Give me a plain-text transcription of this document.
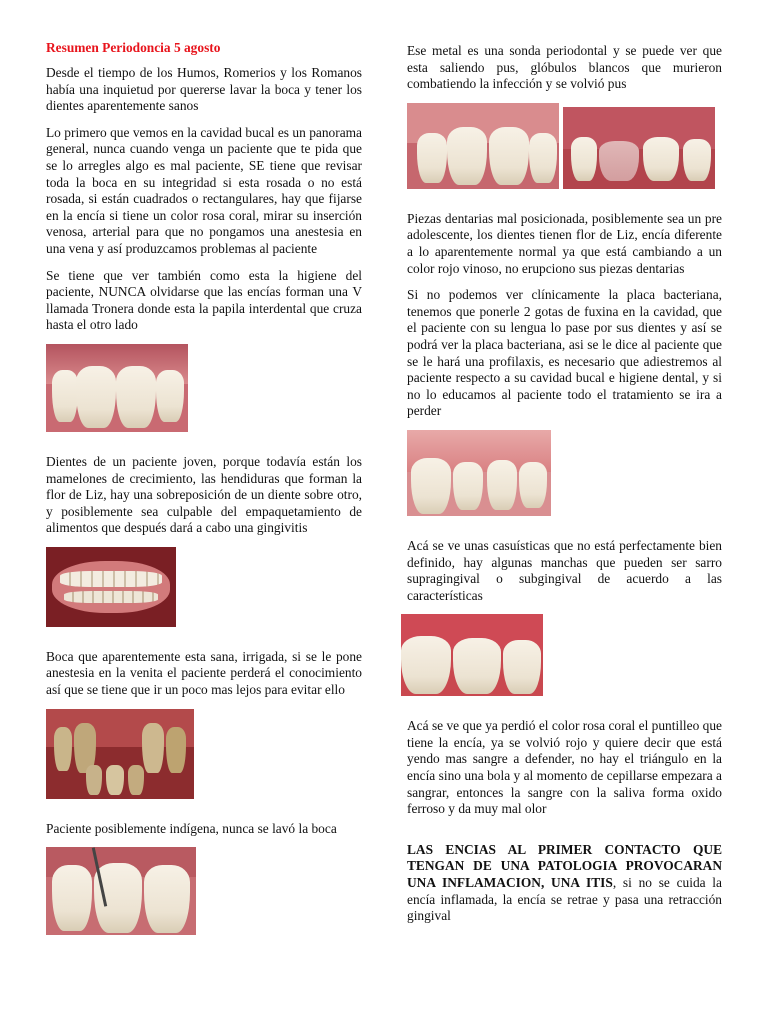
Resumen Periodoncia 5 agosto

Desde el tiempo de los Humos, Romerios y los Romanos había una inquietud por quererse lavar la boca y tener los dientes aparentemente sanos

Lo primero que vemos en la cavidad bucal es un panorama general, nunca cuando venga un paciente que te pida que se lo arregles algo es mal paciente, SE tiene que revisar toda la boca en su integridad si esta rosada o no está rosada, si están cuadrados o rectangulares, hay que fijarse en la encía si tiene un color rosa coral, mirar su inserción venosa, arterial para que no pongamos una anestesia en una vena y así produzcamos problemas al paciente

Se tiene que ver también como esta la higiene del paciente, NUNCA olvidarse que las encías forman una V llamada Tronera donde esta la papila interdental que cruza hasta el otro lado

Dientes de un paciente joven, porque todavía están los mamelones de crecimiento, las hendiduras que forman la flor de Liz, hay una sobreposición de un diente sobre otro, y posiblemente sea culpable del empaquetamiento de alimentos que después dará a cabo una gingivitis

Boca que aparentemente esta sana, irrigada, si se le pone anestesia en la venita el paciente perderá el conocimiento así que se tiene que ir un poco mas lejos para evitar ello

Paciente posiblemente indígena, nunca se lavó la boca

Ese metal es una sonda periodontal y se puede ver que esta saliendo pus, glóbulos blancos que murieron combatiendo la infección y se volvió pus

Piezas dentarias mal posicionada, posiblemente sea un pre adolescente, los dientes tienen flor de Liz, encía diferente a lo aparentemente normal ya que está cambiando a un color rojo vinoso, no erupciono sus piezas dentarias

Si no podemos ver clínicamente la placa bacteriana, tenemos que ponerle 2 gotas de fuxina en la cavidad, que el paciente con su lengua lo pase por sus dientes y así se podrá ver la placa bacteriana, asi se le dice al paciente que se le hará una profilaxis, es necesario que adiestremos al paciente respecto a su cavidad bucal e higiene dental, y si no lo educamos al paciente todo el tratamiento se ira a perder

Acá se ve unas casuísticas que no está perfectamente bien definido, hay algunas manchas que pueden ser sarro supragingival o subgingival de acuerdo a las características

Acá se ve que ya perdió el color rosa coral el puntilleo que tiene la encía, ya se volvió rojo y quiere decir que está yendo mas sangre a defender, no hay el triángulo en la encía sino una bola y al momento de cepillarse empezara a sangrar, entonces la sangre con la saliva forma oxido ferroso y da muy mal olor

LAS ENCIAS AL PRIMER CONTACTO QUE TENGAN DE UNA PATOLOGIA PROVOCARAN UNA INFLAMACION, UNA ITIS, si no se cuida la encía inflamada, la encía se retrae y pasa una retracción gingival
